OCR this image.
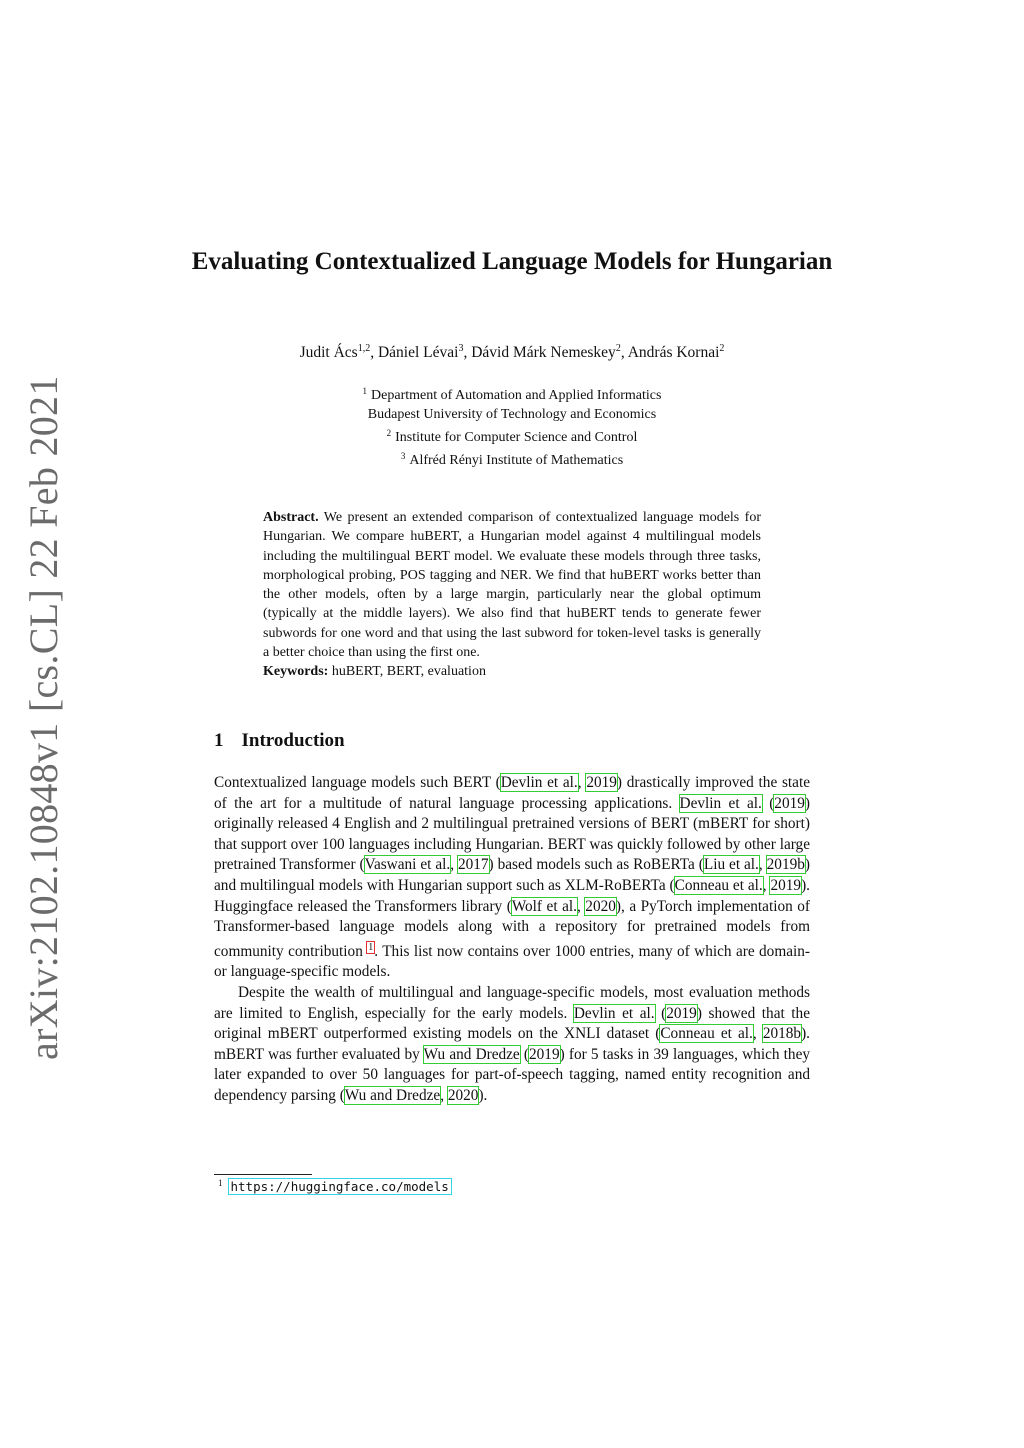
arXiv:2102.10848v1 [cs.CL] 22 Feb 2021
Evaluating Contextualized Language Models for Hungarian
Judit Ács$^{1,2}$, Dániel Lévai$^3$, Dávid Márk Nemeskey$^2$, András Kornai$^2$
$^1$ Department of Automation and Applied Informatics
Budapest University of Technology and Economics
$^2$ Institute for Computer Science and Control
$^3$ Alfréd Rényi Institute of Mathematics
Abstract. We present an extended comparison of contextualized language models for Hungarian. We compare huBERT, a Hungarian model against 4 multilingual models including the multilingual BERT model. We evaluate these models through three tasks, morphological probing, POS tagging and NER. We find that huBERT works better than the other models, often by a large margin, particularly near the global optimum (typically at the middle layers). We also find that huBERT tends to generate fewer subwords for one word and that using the last subword for token-level tasks is generally a better choice than using the first one.
Keywords: huBERT, BERT, evaluation
1 Introduction

Contextualized language models such BERT (Devlin et al., 2019) drastically improved the state of the art for a multitude of natural language processing applications. Devlin et al. (2019) originally released 4 English and 2 multilingual pretrained versions of BERT (mBERT for short) that support over 100 languages including Hungarian. BERT was quickly followed by other large pretrained Transformer (Vaswani et al., 2017) based models such as RoBERTa (Liu et al., 2019b) and multilingual models with Hungarian support such as XLM-RoBERTa (Conneau et al., 2019). Huggingface released the Transformers library (Wolf et al., 2020), a PyTorch implementation of Transformer-based language models along with a repository for pretrained models from community contribution $^1$. This list now contains over 1000 entries, many of which are domain- or language-specific models.

Despite the wealth of multilingual and language-specific models, most evaluation methods are limited to English, especially for the early models. Devlin et al. (2019) showed that the original mBERT outperformed existing models on the XNLI dataset (Conneau et al., 2018b). mBERT was further evaluated by Wu and Dredze (2019) for 5 tasks in 39 languages, which they later expanded to over 50 languages for part-of-speech tagging, named entity recognition and dependency parsing (Wu and Dredze, 2020).

$^1$ https://huggingface.co/models
